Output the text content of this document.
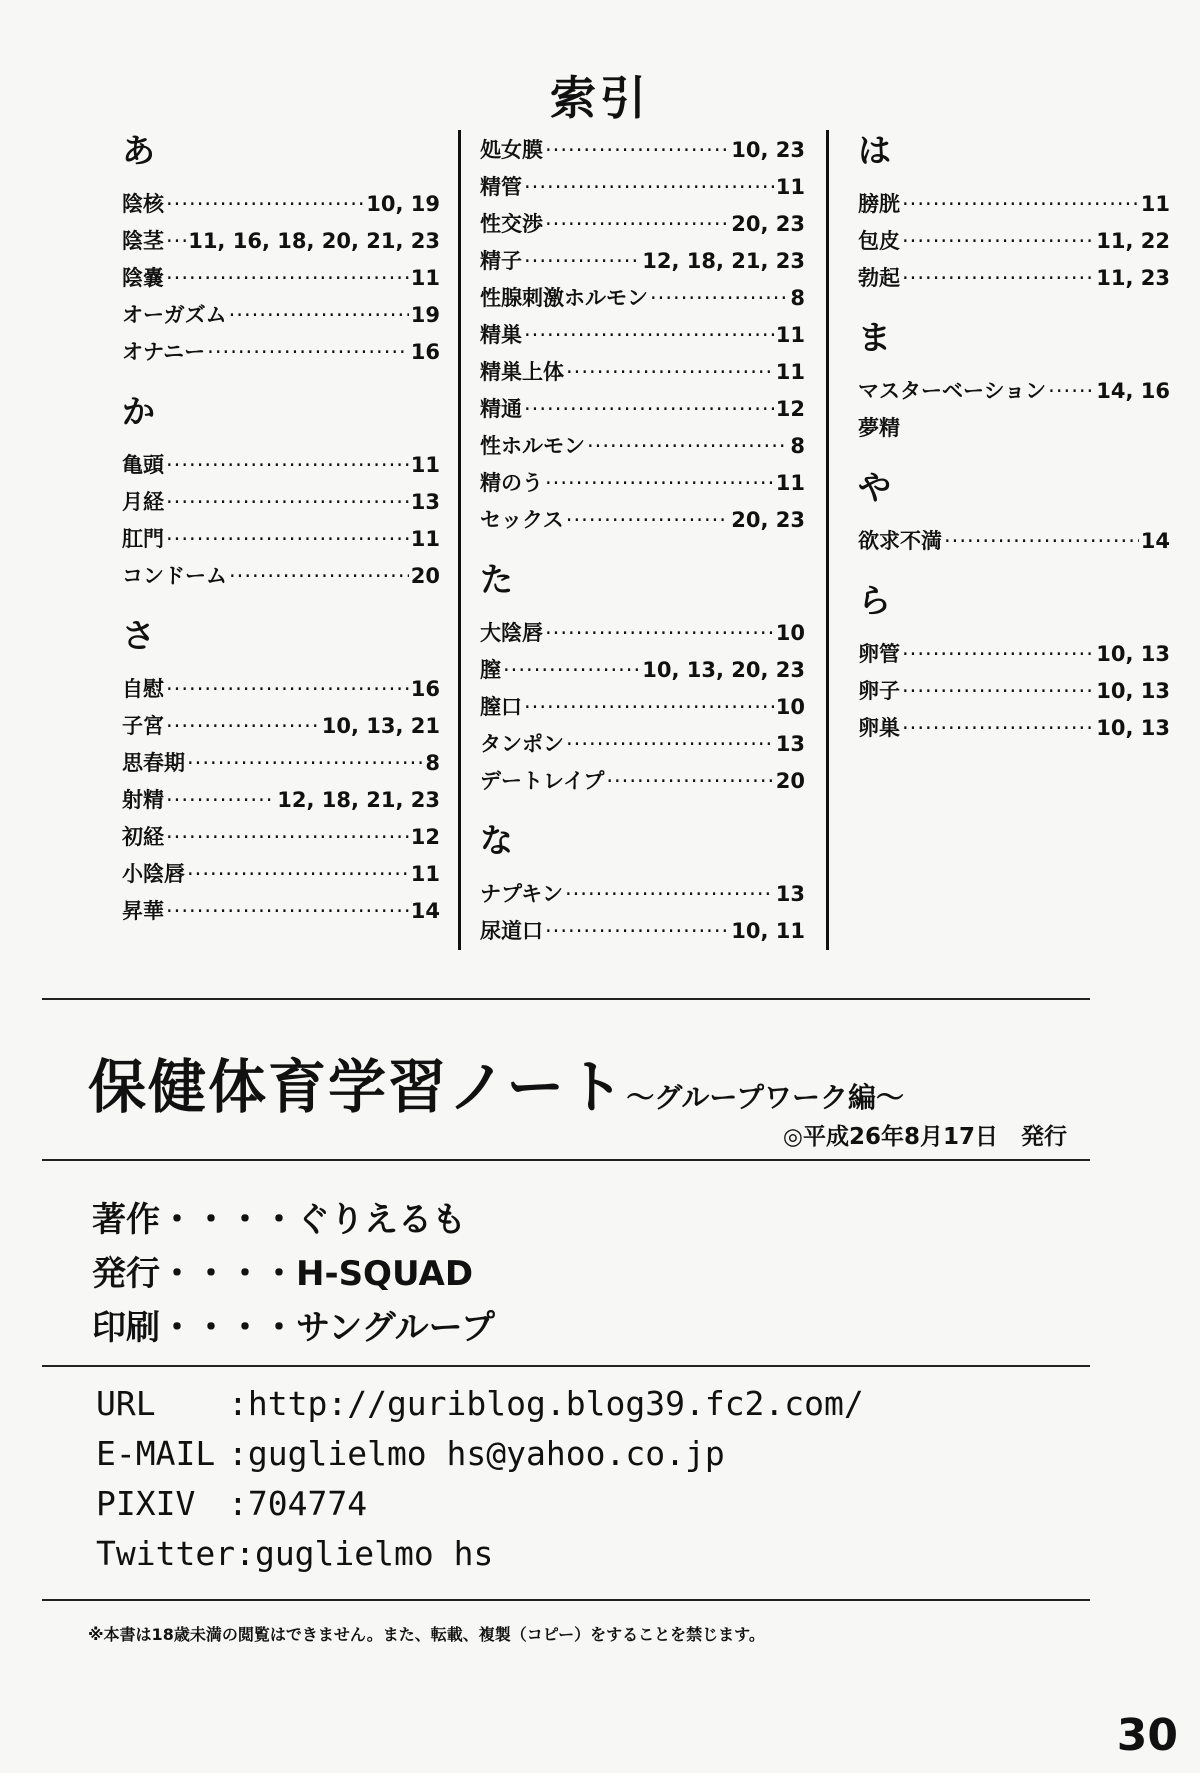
索引
あ
陰核 ·····	10, 19
陰茎 ····· 11, 16, 18, 20, 21, 23
陰嚢 ·····	11
オーガズム ·····	19
オナニー ·····	16
か
亀頭 ·····	11
月経 ·····	13
肛門 ·····	11
コンドーム ·····	20
さ
自慰 ·····	16
子宮 ·····	10, 13, 21
思春期 ·····	8
射精 ·····	12, 18, 21, 23
初経 ·····	12
小陰唇 ·····	11
昇華 ·····	14
処女膜 ·····	10, 23
精管 ·····	11
性交渉 ·····	20, 23
精子 ·····	12, 18, 21, 23
性腺刺激ホルモン ·····	8
精巣 ·····	11
精巣上体 ·····	11
精通 ·····	12
性ホルモン ·····	8
精のう ·····	11
セックス ·····	20, 23
た
大陰唇 ·····	10
膣 ·····	10, 13, 20, 23
膣口 ·····	10
タンポン ·····	13
デートレイプ ·····	20
な
ナプキン ·····	13
尿道口 ·····	10, 11
は
膀胱 ·····	11
包皮 ·····	11, 22
勃起 ·····	11, 23
ま
マスターベーション ····· 14, 16
夢精
や
欲求不満 ·····	14
ら
卵管 ·····	10, 13
卵子 ·····	10, 13
卵巣 ·····	10, 13
保健体育学習ノート～グループワーク編～
◎平成26年8月17日　発行
著作・・・・ぐりえるも
発行・・・・H-SQUAD
印刷・・・・サングループ
URL :http://guriblog.blog39.fc2.com/
E-MAIL :guglielmo hs@yahoo.co.jp
PIXIV :704774
Twitter:guglielmo hs
※本書は18歳未満の閲覧はできません。また、転載、複製（コピー）をすることを禁じます。
30
